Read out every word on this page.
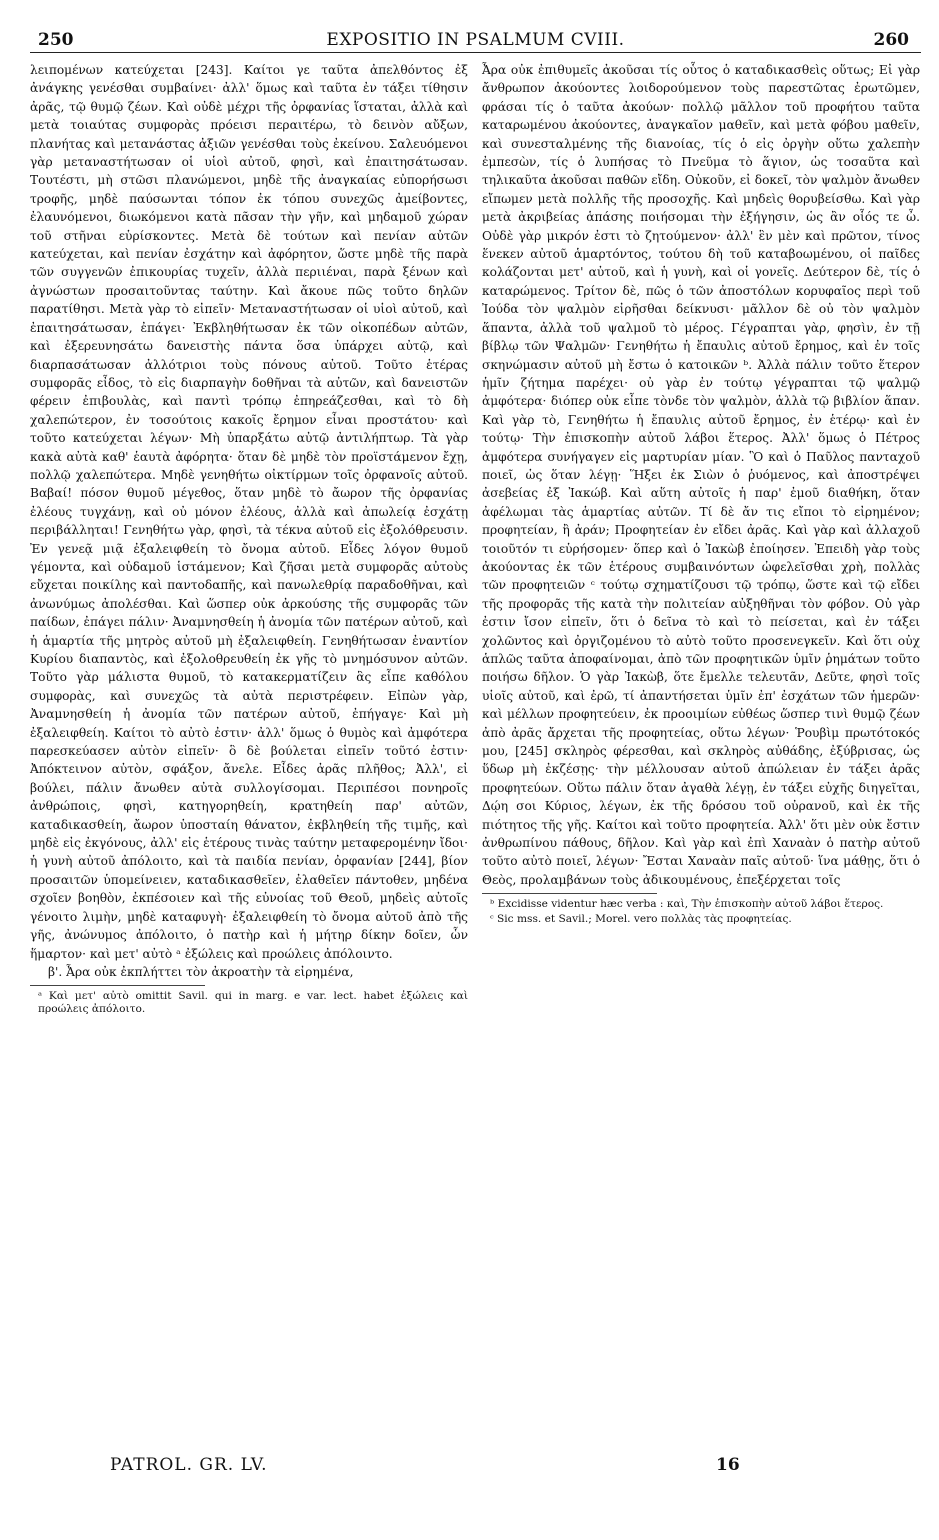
250	EXPOSITIO IN PSALMUM CVIII.	260

λειπομένων κατεύχεται [243]. Καίτοι γε ταῦτα ἀπελθόντος ἐξ ἀνάγκης γενέσθαι συμβαίνει· ἀλλ' ὅμως καὶ ταῦτα ἐν τάξει τίθησιν ἀρᾶς, τῷ θυμῷ ζέων. Καὶ οὐδὲ μέχρι τῆς ὀρφανίας ἵσταται, ἀλλὰ καὶ μετὰ τοιαύτας συμφορὰς πρόεισι περαιτέρω, τὸ δεινὸν αὔξων, πλανήτας καὶ μετανάστας ἀξιῶν γενέσθαι τοὺς ἐκείνου. Σαλευόμενοι γὰρ μεταναστήτωσαν οἱ υἱοὶ αὐτοῦ, φησὶ, καὶ ἐπαιτησάτωσαν. Τουτέστι, μὴ στῶσι πλανώμενοι, μηδὲ τῆς ἀναγκαίας εὐπορήσωσι τροφῆς, μηδὲ παύσωνται τόπον ἐκ τόπου συνεχῶς ἀμείβοντες, ἐλαυνόμενοι, διωκόμενοι κατὰ πᾶσαν τὴν γῆν, καὶ μηδαμοῦ χώραν τοῦ στῆναι εὑρίσκοντες. Μετὰ δὲ τούτων καὶ πενίαν αὐτῶν κατεύχεται, καὶ πενίαν ἐσχάτην καὶ ἀφόρητον, ὥστε μηδὲ τῆς παρὰ τῶν συγγενῶν ἐπικουρίας τυχεῖν, ἀλλὰ περιιέναι, παρὰ ξένων καὶ ἀγνώστων προσαιτοῦντας ταύτην. Καὶ ἄκουε πῶς τοῦτο δηλῶν παρατίθησι. Μετὰ γὰρ τὸ εἰπεῖν· Μεταναστήτωσαν οἱ υἱοὶ αὐτοῦ, καὶ ἐπαιτησάτωσαν, ἐπάγει· Ἐκβληθήτωσαν ἐκ τῶν οἰκοπέδων αὐτῶν, καὶ ἐξερευνησάτω δανειστὴς πάντα ὅσα ὑπάρχει αὐτῷ, καὶ διαρπασάτωσαν ἀλλότριοι τοὺς πόνους αὐτοῦ. Τοῦτο ἑτέρας συμφορᾶς εἶδος, τὸ εἰς διαρπαγὴν δοθῆναι τὰ αὐτῶν, καὶ δανειστῶν φέρειν ἐπιβουλὰς, καὶ παντὶ τρόπῳ ἐπηρεάζεσθαι, καὶ τὸ δὴ χαλεπώτερον, ἐν τοσούτοις κακοῖς ἔρημον εἶναι προστάτου· καὶ τοῦτο κατεύχεται λέγων· Μὴ ὑπαρξάτω αὐτῷ ἀντιλήπτωρ. Τὰ γὰρ κακὰ αὐτὰ καθ' ἑαυτὰ ἀφόρητα· ὅταν δὲ μηδὲ τὸν προϊστάμενον ἔχῃ, πολλῷ χαλεπώτερα. Μηδὲ γενηθήτω οἰκτίρμων τοῖς ὀρφανοῖς αὐτοῦ. Βαβαί! πόσον θυμοῦ μέγεθος, ὅταν μηδὲ τὸ ἄωρον τῆς ὀρφανίας ἐλέους τυγχάνῃ, καὶ οὐ μόνον ἐλέους, ἀλλὰ καὶ ἀπωλείᾳ ἐσχάτῃ περιβάλληται! Γενηθήτω γὰρ, φησὶ, τὰ τέκνα αὐτοῦ εἰς ἐξολόθρευσιν. Ἐν γενεᾷ μιᾷ ἐξαλειφθείη τὸ ὄνομα αὐτοῦ. Εἶδες λόγον θυμοῦ γέμοντα, καὶ οὐδαμοῦ ἱστάμενον; Καὶ ζῆσαι μετὰ συμφορᾶς αὐτοὺς εὔχεται ποικίλης καὶ παντοδαπῆς, καὶ πανωλεθρίᾳ παραδοθῆναι, καὶ ἀνωνύμως ἀπολέσθαι. Καὶ ὥσπερ οὐκ ἀρκούσης τῆς συμφορᾶς τῶν παίδων, ἐπάγει πάλιν· Ἀναμνησθείη ἡ ἀνομία τῶν πατέρων αὐτοῦ, καὶ ἡ ἁμαρτία τῆς μητρὸς αὐτοῦ μὴ ἐξαλειφθείη. Γενηθήτωσαν ἐναντίον Κυρίου διαπαντὸς, καὶ ἐξολοθρευθείη ἐκ γῆς τὸ μνημόσυνον αὐτῶν. Τοῦτο γὰρ μάλιστα θυμοῦ, τὸ κατακερματίζειν ἃς εἶπε καθόλου συμφορὰς, καὶ συνεχῶς τὰ αὐτὰ περιστρέφειν. Εἰπὼν γὰρ, Ἀναμνησθείη ἡ ἀνομία τῶν πατέρων αὐτοῦ, ἐπήγαγε· Καὶ μὴ ἐξαλειφθείη. Καίτοι τὸ αὐτὸ ἐστιν· ἀλλ' ὅμως ὁ θυμὸς καὶ ἀμφότερα παρεσκεύασεν αὐτὸν εἰπεῖν· ὃ δὲ βούλεται εἰπεῖν τοῦτό ἐστιν· Ἀπόκτεινον αὐτὸν, σφάξον, ἄνελε. Εἶδες ἀρᾶς πλῆθος; Ἀλλ', εἰ βούλει, πάλιν ἄνωθεν αὐτὰ συλλογίσομαι. Περιπέσοι πονηροῖς ἀνθρώποις, φησὶ, κατηγορηθείη, κρατηθείη παρ' αὐτῶν, καταδικασθείη, ἄωρον ὑποσταίη θάνατον, ἐκβληθείη τῆς τιμῆς, καὶ μηδὲ εἰς ἐκγόνους, ἀλλ' εἰς ἑτέρους τινὰς ταύτην μεταφερομένην ἴδοι· ἡ γυνὴ αὐτοῦ ἀπόλοιτο, καὶ τὰ παιδία πενίαν, ὀρφανίαν [244], βίον προσαιτῶν ὑπομείνειεν, καταδικασθεῖεν, ἐλαθεῖεν πάντοθεν, μηδένα σχοῖεν βοηθὸν, ἐκπέσοιεν καὶ τῆς εὐνοίας τοῦ Θεοῦ, μηδεὶς αὐτοῖς γένοιτο λιμὴν, μηδὲ καταφυγὴ· ἐξαλειφθείη τὸ ὄνομα αὐτοῦ ἀπὸ τῆς γῆς, ἀνώνυμος ἀπόλοιτο, ὁ πατὴρ καὶ ἡ μήτηρ δίκην δοῖεν, ὧν ἥμαρτον· καὶ μετ' αὐτὸ ᵃ ἐξώλεις καὶ προώλεις ἀπόλοιντο.

β'. Ἆρα οὐκ ἐκπλήττει τὸν ἀκροατὴν τὰ εἰρημένα,

ᵃ Καὶ μετ' αὐτὸ omittit Savil. qui in marg. e var. lect. habet ἐξώλεις καὶ προώλεις ἀπόλοιτο.

Ἆρα οὐκ ἐπιθυμεῖς ἀκοῦσαι τίς οὗτος ὁ καταδικασθεὶς οὕτως; Εἰ γὰρ ἄνθρωπον ἀκούοντες λοιδορούμενον τοὺς παρεστῶτας ἐρωτῶμεν, φράσαι τίς ὁ ταῦτα ἀκούων· πολλῷ μᾶλλον τοῦ προφήτου ταῦτα καταρωμένου ἀκούοντες, ἀναγκαῖον μαθεῖν, καὶ μετὰ φόβου μαθεῖν, καὶ συνεσταλμένης τῆς διανοίας, τίς ὁ εἰς ὀργὴν οὕτω χαλεπὴν ἐμπεσὼν, τίς ὁ λυπήσας τὸ Πνεῦμα τὸ ἅγιον, ὡς τοσαῦτα καὶ τηλικαῦτα ἀκοῦσαι παθῶν εἴδη. Οὐκοῦν, εἰ δοκεῖ, τὸν ψαλμὸν ἄνωθεν εἴπωμεν μετὰ πολλῆς τῆς προσοχῆς. Καὶ μηδεὶς θορυβείσθω. Καὶ γὰρ μετὰ ἀκριβείας ἁπάσης ποιήσομαι τὴν ἐξήγησιν, ὡς ἂν οἷός τε ὦ. Οὐδὲ γὰρ μικρόν ἐστι τὸ ζητούμενον· ἀλλ' ἓν μὲν καὶ πρῶτον, τίνος ἕνεκεν αὐτοῦ ἁμαρτόντος, τούτου δὴ τοῦ καταβοωμένου, οἱ παῖδες κολάζονται μετ' αὐτοῦ, καὶ ἡ γυνὴ, καὶ οἱ γονεῖς. Δεύτερον δὲ, τίς ὁ καταρώμενος. Τρίτον δὲ, πῶς ὁ τῶν ἀποστόλων κορυφαῖος περὶ τοῦ Ἰούδα τὸν ψαλμὸν εἰρῆσθαι δείκνυσι· μᾶλλον δὲ οὐ τὸν ψαλμὸν ἅπαντα, ἀλλὰ τοῦ ψαλμοῦ τὸ μέρος. Γέγραπται γὰρ, φησὶν, ἐν τῇ βίβλῳ τῶν Ψαλμῶν· Γενηθήτω ἡ ἔπαυλις αὐτοῦ ἔρημος, καὶ ἐν τοῖς σκηνώμασιν αὐτοῦ μὴ ἔστω ὁ κατοικῶν ᵇ. Ἀλλὰ πάλιν τοῦτο ἕτερον ἡμῖν ζήτημα παρέχει· οὐ γὰρ ἐν τούτῳ γέγραπται τῷ ψαλμῷ ἀμφότερα· διόπερ οὐκ εἶπε τὸνδε τὸν ψαλμὸν, ἀλλὰ τῷ βιβλίον ἅπαν. Καὶ γὰρ τὸ, Γενηθήτω ἡ ἔπαυλις αὐτοῦ ἔρημος, ἐν ἑτέρῳ· καὶ ἐν τούτῳ· Τὴν ἐπισκοπὴν αὐτοῦ λάβοι ἕτερος. Ἀλλ' ὅμως ὁ Πέτρος ἀμφότερα συνήγαγεν εἰς μαρτυρίαν μίαν. Ὃ καὶ ὁ Παῦλος πανταχοῦ ποιεῖ, ὡς ὅταν λέγῃ· Ἥξει ἐκ Σιὼν ὁ ῥυόμενος, καὶ ἀποστρέψει ἀσεβείας ἐξ Ἰακώβ. Καὶ αὕτη αὐτοῖς ἡ παρ' ἐμοῦ διαθήκη, ὅταν ἀφέλωμαι τὰς ἁμαρτίας αὐτῶν. Τί δὲ ἄν τις εἴποι τὸ εἰρημένον; προφητείαν, ἢ ἀράν; Προφητείαν ἐν εἴδει ἀρᾶς. Καὶ γὰρ καὶ ἀλλαχοῦ τοιοῦτόν τι εὑρήσομεν· ὅπερ καὶ ὁ Ἰακὼβ ἐποίησεν. Ἐπειδὴ γὰρ τοὺς ἀκούοντας ἐκ τῶν ἑτέρους συμβαινόντων ὠφελεῖσθαι χρὴ, πολλὰς τῶν προφητειῶν ᶜ τούτῳ σχηματίζουσι τῷ τρόπῳ, ὥστε καὶ τῷ εἴδει τῆς προφορᾶς τῆς κατὰ τὴν πολιτείαν αὐξηθῆναι τὸν φόβον. Οὐ γὰρ ἐστιν ἴσον εἰπεῖν, ὅτι ὁ δεῖνα τὸ καὶ τὸ πείσεται, καὶ ἐν τάξει χολῶντος καὶ ὀργιζομένου τὸ αὐτὸ τοῦτο προσενεγκεῖν. Καὶ ὅτι οὐχ ἁπλῶς ταῦτα ἀποφαίνομαι, ἀπὸ τῶν προφητικῶν ὑμῖν ῥημάτων τοῦτο ποιήσω δῆλον. Ὁ γὰρ Ἰακὼβ, ὅτε ἔμελλε τελευτᾶν, Δεῦτε, φησὶ τοῖς υἱοῖς αὐτοῦ, καὶ ἐρῶ, τί ἀπαντήσεται ὑμῖν ἐπ' ἐσχάτων τῶν ἡμερῶν· καὶ μέλλων προφητεύειν, ἐκ προοιμίων εὐθέως ὥσπερ τινὶ θυμῷ ζέων ἀπὸ ἀρᾶς ἄρχεται τῆς προφητείας, οὕτω λέγων· Ῥουβὶμ πρωτότοκός μου, [245] σκληρὸς φέρεσθαι, καὶ σκληρὸς αὐθάδης, ἐξύβρισας, ὡς ὕδωρ μὴ ἐκζέσῃς· τὴν μέλλουσαν αὐτοῦ ἀπώλειαν ἐν τάξει ἀρᾶς προφητεύων. Οὕτω πάλιν ὅταν ἀγαθὰ λέγῃ, ἐν τάξει εὐχῆς διηγεῖται, Δῴη σοι Κύριος, λέγων, ἐκ τῆς δρόσου τοῦ οὐρανοῦ, καὶ ἐκ τῆς πιότητος τῆς γῆς. Καίτοι καὶ τοῦτο προφητεία. Ἀλλ' ὅτι μὲν οὐκ ἔστιν ἀνθρωπίνου πάθους, δῆλον. Καὶ γὰρ καὶ ἐπὶ Χαναὰν ὁ πατὴρ αὐτοῦ τοῦτο αὐτὸ ποιεῖ, λέγων· Ἔσται Χαναὰν παῖς αὐτοῦ· ἵνα μάθῃς, ὅτι ὁ Θεὸς, προλαμβάνων τοὺς ἀδικουμένους, ἐπεξέρχεται τοῖς

ᵇ Excidisse videntur hæc verba : καὶ, Τὴν ἐπισκοπὴν αὐτοῦ λάβοι ἕτερος.

ᶜ Sic mss. et Savil.; Morel. vero πολλὰς τὰς προφητείας.

PATROL. GR. LV.	16
